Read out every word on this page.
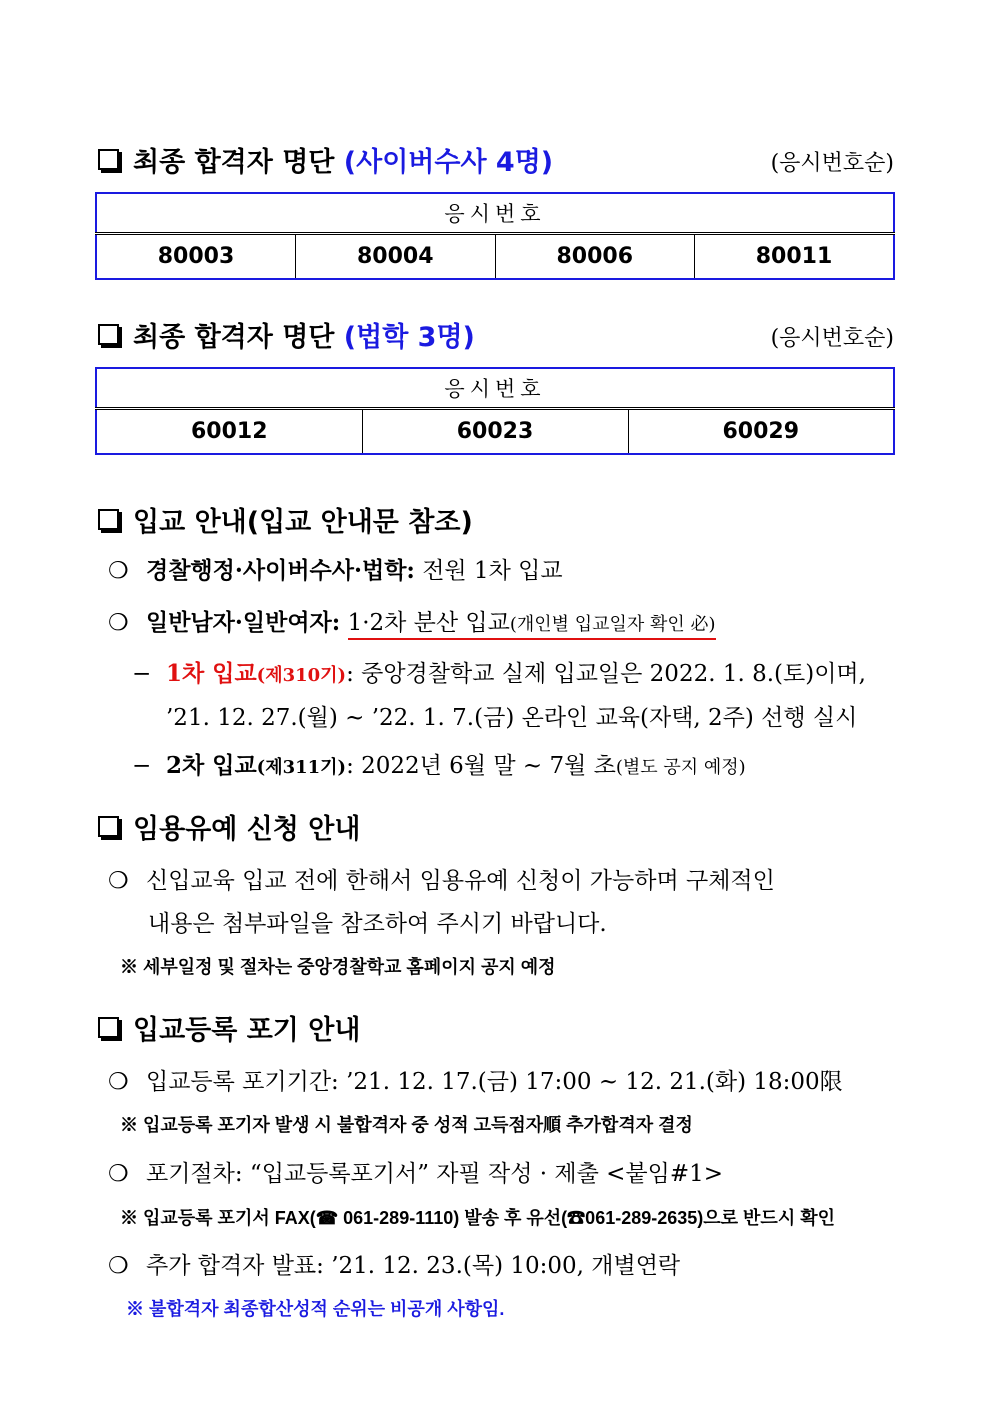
최종 합격자 명단
(사이버수사 4명)	(응시번호순)
응시번호
80003	80004	80006	80011
최종 합격자 명단
(법학 3명)	(응시번호순)
응시번호
60012	60023	60029
입교 안내(입교 안내문 참조)
❍ 경찰행정·사이버수사·법학: 전원 1차 입교
❍ 일반남자·일반여자: 1·2차 분산 입교(개인별 입교일자 확인 必)
− 1차 입교(제310기): 중앙경찰학교 실제 입교일은 2022. 1. 8.(토)이며,
’21. 12. 27.(월) ~ ’22. 1. 7.(금) 온라인 교육(자택, 2주) 선행 실시
− 2차 입교(제311기): 2022년 6월 말 ~ 7월 초(별도 공지 예정)
임용유예 신청 안내
❍ 신입교육 입교 전에 한해서 임용유예 신청이 가능하며 구체적인
내용은 첨부파일을 참조하여 주시기 바랍니다.
※ 세부일정 및 절차는 중앙경찰학교 홈페이지 공지 예정
입교등록 포기 안내
❍ 입교등록 포기기간: ’21. 12. 17.(금) 17:00 ~ 12. 21.(화) 18:00限
※ 입교등록 포기자 발생 시 불합격자 중 성적 고득점자順 추가합격자 결정
❍ 포기절차: “입교등록포기서” 자필 작성 · 제출 <붙임#1>
※ 입교등록 포기서 FAX(☎ 061-289-1110) 발송 후 유선(☎061-289-2635)으로 반드시 확인
❍ 추가 합격자 발표: ’21. 12. 23.(목) 10:00, 개별연락
※ 불합격자 최종합산성적 순위는 비공개 사항임.
